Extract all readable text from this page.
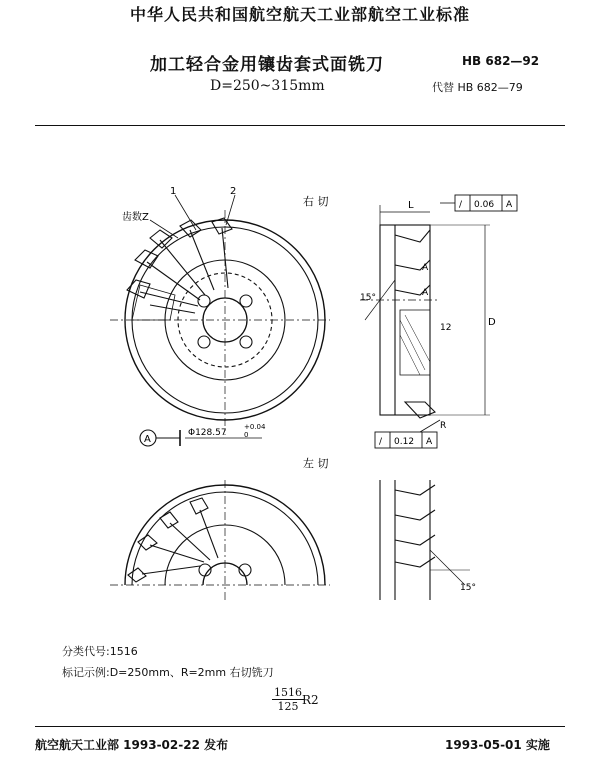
中华人民共和国航空航天工业部航空工业标准
加工轻合金用镶齿套式面铣刀
D=250~315mm
HB 682—92
代替 HB 682—79
右 切
左 切
1	2
齿数Z
A
Φ128.57
+0.04
0
L
D
12
15°
15°
A
A
R
/ 0.06 A
/ 0.12 A
分类代号:1516
标记示例:D=250mm、R=2mm 右切铣刀
1516
125 R2
航空航天工业部 1993-02-22 发布	1993-05-01 实施
